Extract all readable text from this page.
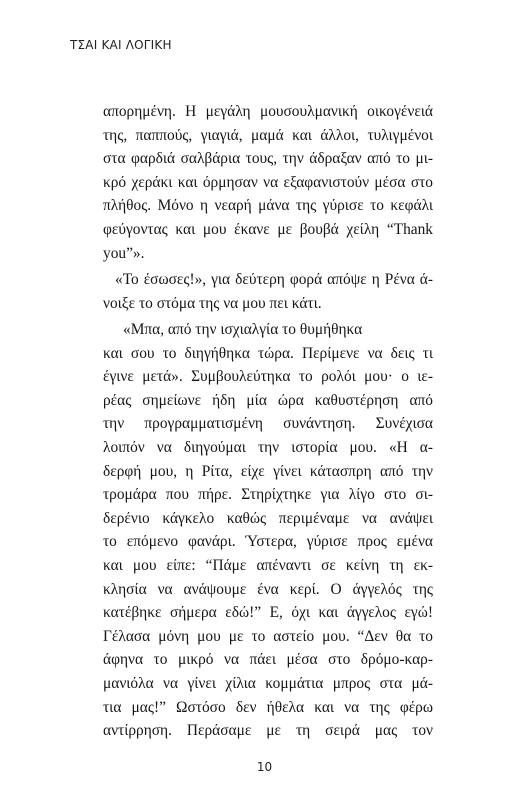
ΤΣΑΙ ΚΑΙ ΛΟΓΙΚΗ
απορημένη. Η μεγάλη μουσουλμανική οικογένειά
της, παππούς, γιαγιά, μαμά και άλλοι, τυλιγμένοι
στα φαρδιά σαλβάρια τους, την άδραξαν από το μι-
κρό χεράκι και όρμησαν να εξαφανιστούν μέσα στο
πλήθος. Μόνο η νεαρή μάνα της γύρισε το κεφάλι
φεύγοντας και μου έκανε με βουβά χείλη “Thank
you”».
«Το έσωσες!», για δεύτερη φορά απόψε η Ρένα ά-
νοιξε το στόμα της να μου πει κάτι.
«Μπα, από την ισχιαλγία το θυμήθηκα
και σου το διηγήθηκα τώρα. Περίμενε να δεις τι
έγινε μετά». Συμβουλεύτηκα το ρολόι μου· ο ιε-
ρέας σημείωνε ήδη μία ώρα καθυστέρηση από
την προγραμματισμένη συνάντηση. Συνέχισα
λοιπόν να διηγούμαι την ιστορία μου. «Η α-
δερφή μου, η Ρίτα, είχε γίνει κάτασπρη από την
τρομάρα που πήρε. Στηρίχτηκε για λίγο στο σι-
δερένιο κάγκελο καθώς περιμέναμε να ανάψει
το επόμενο φανάρι. Ύστερα, γύρισε προς εμένα
και μου είπε: “Πάμε απέναντι σε κείνη τη εκ-
κλησία να ανάψουμε ένα κερί. Ο άγγελός της
κατέβηκε σήμερα εδώ!” Ε, όχι και άγγελος εγώ!
Γέλασα μόνη μου με το αστείο μου. “Δεν θα το
άφηνα το μικρό να πάει μέσα στο δρόμο-καρ-
μανιόλα να γίνει χίλια κομμάτια μπρος στα μά-
τια μας!” Ωστόσο δεν ήθελα και να της φέρω
αντίρρηση. Περάσαμε με τη σειρά μας τον
10
